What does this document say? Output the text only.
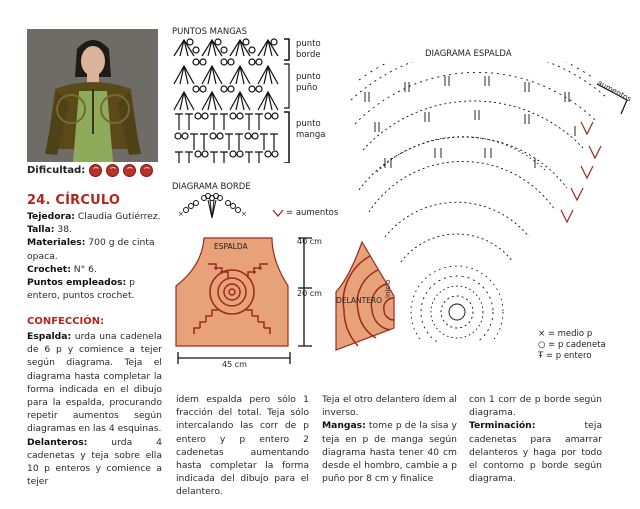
Dificultad:
24. CÍRCULO
Tejedora: Claudia Gutiérrez.
Talla: 38.
Materiales: 700 g de cinta opaca.
Crochet: N° 6.
Puntos empleados: p entero, puntos crochet.
CONFECCIÓN:
Espalda: urda una cadenela de 6 p y comience a tejer según diagrama. Teja el diagrama hasta completar la forma indicada en el dibujo para la espalda, procurando repetir aumentos según diagramas en las 4 esquinas.
Delanteros: urda 4 cadenetas y teja sobre ella 10 p enteros y comience a tejer
ídem espalda pero sólo 1 fracción del total. Teja sólo intercalando las corr de p entero y p entero 2 cadenetas aumentando hasta completar la forma indicada del dibujo para el delantero.
Teja el otro delantero ídem al inverso.
Mangas: tome p de la sisa y teja en p de manga según diagrama hasta tener 40 cm desde el hombro, cambie a p puño por 8 cm y finalice
con 1 corr de p borde según diagrama.
Terminación: teja cadenetas para amarrar delanteros y haga por todo el contorno p borde según diagrama.
PUNTOS MANGAS
punto borde
punto puño
punto manga
DIAGRAMA BORDE
×	×	= aumentos
ESPALDA
DELANTERO
inicio
40 cm
20 cm
45 cm
DIAGRAMA ESPALDA
aumentos
× = medio p
○ = p cadeneta
Ŧ = p entero
